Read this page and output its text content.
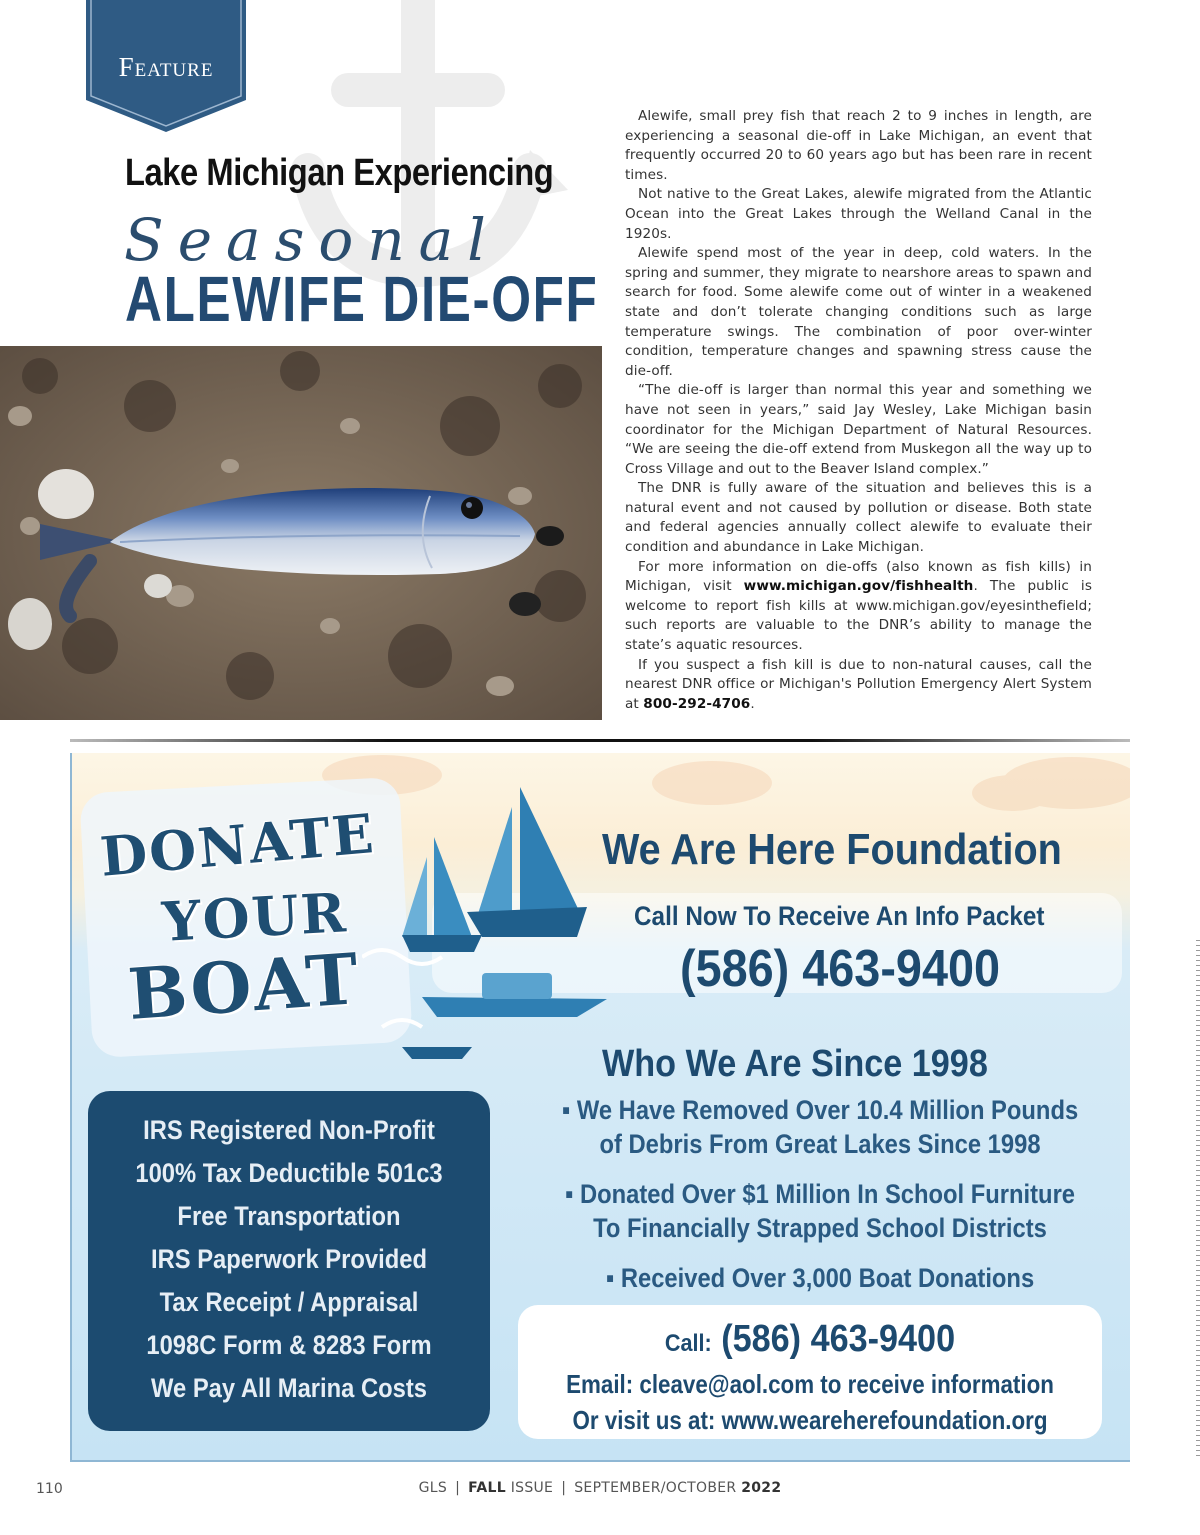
Feature
Lake Michigan Experiencing
Seasonal
ALEWIFE DIE-OFF

Alewife, small prey fish that reach 2 to 9 inches in length, are experiencing a seasonal die-off in Lake Michigan, an event that frequently occurred 20 to 60 years ago but has been rare in recent times.

Not native to the Great Lakes, alewife migrated from the Atlantic Ocean into the Great Lakes through the Welland Canal in the 1920s.

Alewife spend most of the year in deep, cold waters. In the spring and summer, they migrate to nearshore areas to spawn and search for food. Some alewife come out of winter in a weakened state and don’t tolerate changing conditions such as large temperature swings. The combination of poor over-winter condition, temperature changes and spawning stress cause the die-off.

“The die-off is larger than normal this year and something we have not seen in years,” said Jay Wesley, Lake Michigan basin coordinator for the Michigan Department of Natural Resources. “We are seeing the die-off extend from Muskegon all the way up to Cross Village and out to the Beaver Island complex.”

The DNR is fully aware of the situation and believes this is a natural event and not caused by pollution or disease. Both state and federal agencies annually collect alewife to evaluate their condition and abundance in Lake Michigan.

For more information on die-offs (also known as fish kills) in Michigan, visit www.michigan.gov/fishhealth. The public is welcome to report fish kills at www.michigan.gov/eyesinthefield; such reports are valuable to the DNR’s ability to manage the state’s aquatic resources.

If you suspect a fish kill is due to non-natural causes, call the nearest DNR office or Michigan's Pollution Emergency Alert System at 800-292-4706.

DONATE
YOUR
BOAT
We Are Here Foundation
Call Now To Receive An Info Packet
(586) 463-9400
Who We Are Since 1998
▪ We Have Removed Over 10.4 Million Pounds
of Debris From Great Lakes Since 1998
▪ Donated Over $1 Million In School Furniture
To Financially Strapped School Districts
▪ Received Over 3,000 Boat Donations
IRS Registered Non-Profit
100% Tax Deductible 501c3
Free Transportation
IRS Paperwork Provided
Tax Receipt / Appraisal
1098C Form & 8283 Form
We Pay All Marina Costs
Call: (586) 463-9400
Email: cleave@aol.com to receive information
Or visit us at: www.weareherefoundation.org
110	GLS | FALL ISSUE | SEPTEMBER/OCTOBER 2022
